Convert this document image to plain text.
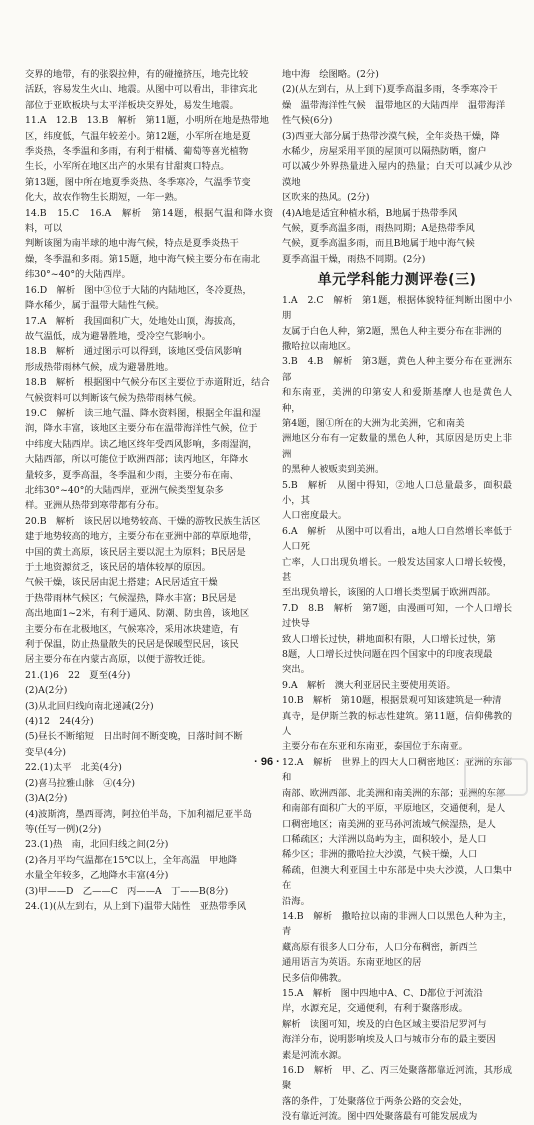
交界的地带，有的张裂拉伸，有的碰撞挤压，地壳比较

活跃，容易发生火山、地震。从图中可以看出，非律宾北

部位于亚欧板块与太平洋板块交界处，易发生地震。

11.A　12.B　13.B　解析　第11题，小明所在地是热带地

区，纬度低，气温年较差小。第12题，小军所在地是夏

季炎热，冬季温和多雨，有利于柑橘、葡萄等喜光植物

生长，小军所在地区出产的水果有甘甜爽口特点。

第13题，图中所在地夏季炎热、冬季寒冷，气温季节变

化大，故农作物生长期短，一年一熟。

14.B　15.C　16.A　解析　第14题，根据气温和降水资料，可以

判断该图为南半球的地中海气候，特点是夏季炎热干

燥，冬季温和多雨。第15题，地中海气候主要分布在南北

纬30°~40°的大陆西岸。

16.D　解析　图中③位于大陆的内陆地区，冬冷夏热，

降水稀少，属于温带大陆性气候。

17.A　解析　我国面积广大，处地处山顶，海拔高，

故气温低，成为避暑胜地，受冷空气影响小。

18.B　解析　通过图示可以得到，该地区受信风影响

形成热带雨林气候，成为避暑胜地。

18.B　解析　根据图中气候分布区主要位于赤道附近，结合

气候资料可以判断该气候为热带雨林气候。

19.C　解析　读三地气温、降水资料图，根据全年温和湿

润，降水丰富，该地区主要分布在温带海洋性气候，位于

中纬度大陆西岸。读乙地区终年受西风影响，多雨湿润，

大陆西部，所以可能位于欧洲西部；读丙地区，年降水

量较多，夏季高温，冬季温和少雨，主要分布在南、

北纬30°~40°的大陆西岸，亚洲气候类型复杂多

样。亚洲从热带到寒带都有分布。

20.B　解析　该民居以地势较高、干燥的游牧民族生活区

建于地势较高的地方，主要分布在亚洲中部的草原地带，

中国的黄土高原，该民居主要以泥土为原料；B民居是

于土地资源贫乏，该民居的墙体较厚的原因。

气候干燥，该民居由泥土搭建；A民居适宜干燥

于热带雨林气候区；气候湿热，降水丰富；B民居是

高出地面1~2米，有利于通风、防潮、防虫兽，该地区

主要分布在北极地区，气候寒冷，采用冰块建造，有

利于保温，防止热量散失的民居是保暖型民居，该民

居主要分布在内蒙古高原，以便于游牧迁徙。

21.(1)6　22　夏至(4分)

(2)A(2分)

(3)从北回归线向南北递减(2分)

(4)12　24(4分)

(5)昼长不断缩短　日出时间不断变晚，日落时间不断

变早(4分)

22.(1)太平　北美(4分)

(2)喜马拉雅山脉　④(4分)

(3)A(2分)

(4)波斯湾，墨西哥湾，阿拉伯半岛，下加利福尼亚半岛

等(任写一例)(2分)

23.(1)热　南，北回归线之间(2分)

(2)各月平均气温都在15℃以上，全年高温　甲地降

水量全年较多，乙地降水丰富(4分)

(3)甲——D　乙——C　丙——A　丁——B(8分)

24.(1)(从左到右，从上到下)温带大陆性　亚热带季风

地中海　绘图略。(2分)

(2)(从左到右，从上到下)夏季高温多雨，冬季寒冷干

燥　温带海洋性气候　温带地区的大陆西岸　温带海洋

性气候(6分)

(3)西亚大部分属于热带沙漠气候，全年炎热干燥，降

水稀少，房屋采用平顶的屋顶可以隔热防晒，窗户

可以减少外界热量进入屋内的热量；白天可以减少从沙漠地

区吹来的热风。(2分)

(4)A地是适宜种植水稻，B地属于热带季风

气候，夏季高温多雨，雨热同期；A是热带季风

气候，夏季高温多雨，而且B地属于地中海气候

夏季高温干燥，雨热不同期。(2分)

单元学科能力测评卷(三)

1.A　2.C　解析　第1题，根据体貌特征判断出图中小朋

友属于白色人种，第2题，黑色人种主要分布在非洲的

撒哈拉以南地区。

3.B　4.B　解析　第3题，黄色人种主要分布在亚洲东部

和东南亚，美洲的印第安人和爱斯基摩人也是黄色人种，

第4题，图①所在的大洲为北美洲，它和南美

洲地区分布有一定数量的黑色人种，其原因是历史上非洲

的黑种人被贩卖到美洲。

5.B　解析　从图中得知，②地人口总量最多，面积最小，其

人口密度最大。

6.A　解析　从图中可以看出，a地人口自然增长率低于人口死

亡率，人口出现负增长。一般发达国家人口增长较慢，甚

至出现负增长，该图的人口增长类型属于欧洲西部。

7.D　8.B　解析　第7题，由漫画可知，一个人口增长过快导

致人口增长过快，耕地面积有限，人口增长过快，第

8题，人口增长过快问题在四个国家中的印度表现最

突出。

9.A　解析　澳大利亚居民主要使用英语。

10.B　解析　第10题，根据景观可知该建筑是一种清

真寺，是伊斯兰教的标志性建筑。第11题，信仰佛教的人

主要分布在东亚和东南亚，泰国位于东南亚。

12.A　解析　世界上的四大人口稠密地区：亚洲的东部和

南部、欧洲西部、北美洲和南美洲的东部；亚洲的东部

和南部有面积广大的平原，平原地区，交通便利，是人

口稠密地区；南美洲的亚马孙河流域气候湿热，是人

口稀疏区；大洋洲以岛屿为主，面积较小，是人口

稀少区；非洲的撒哈拉大沙漠，气候干燥，人口

稀疏，但澳大利亚国土中东部是中央大沙漠，人口集中在

沿海。

14.B　解析　撒哈拉以南的非洲人口以黑色人种为主，青

藏高原有很多人口分布，人口分布稠密，新西兰

通用语言为英语。东南亚地区的居

民多信仰佛教。

15.A　解析　图中四地中A、C、D都位于河流沿

岸，水源充足，交通便利，有利于聚落形成。

解析　读图可知，埃及的白色区域主要沿尼罗河与

海洋分布，说明影响埃及人口与城市分布的最主要因

素是河流水源。

16.D　解析　甲、乙、丙三处聚落都靠近河流，其形成聚

落的条件，丁处聚落位于两条公路的交会处，

没有靠近河流。图中四处聚落最有可能发展成为

· 96 ·
